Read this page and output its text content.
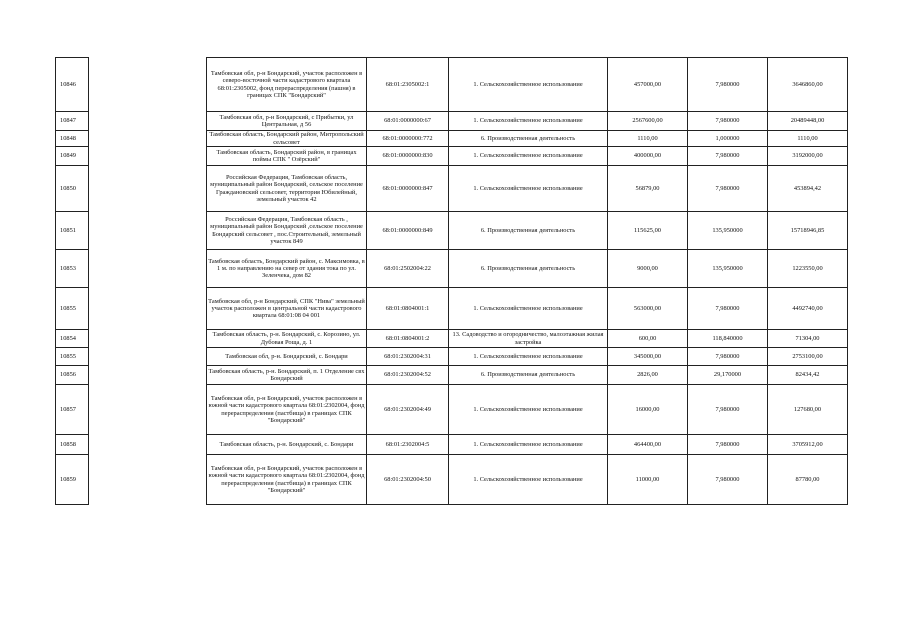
10846		Тамбовская обл, р-н Бондарский, участок расположен в северо-восточной части кадастрового квартала 68:01:2305002, фонд перераспределения (пашня) в границах СПК "Бондарский"	68:01:2305002:1	1. Сельскохозяйственное использование	457000,00	7,980000	3646860,00
10847		Тамбовская обл, р-н Бондарский, с Прибытки, ул Центральная, д 56	68:01:0000000:67	1. Сельскохозяйственное использование	2567600,00	7,980000	20489448,00
10848		Тамбовская область, Бондарский район, Митропольский сельсовет	68:01:0000000:772	6. Производственная деятельность	1110,00	1,000000	1110,00
10849		Тамбовская область, Бондарский район, в границах поймы СПК " Озёрский"	68:01:0000000:830	1. Сельскохозяйственное использование	400000,00	7,980000	3192000,00
10850		Российская Федерация, Тамбовская область, муниципальный район Бондарский, сельское поселение Граждановский сельсовет, территория Юбилейный, земельный участок 42	68:01:0000000:847	1. Сельскохозяйственное использование	56879,00	7,980000	453894,42
10851		Российская Федерация, Тамбовская область , муниципальный район Бондарский ,сельское поселение Бондарский сельсовет , пос.Строительный, земельный участок 849	68:01:0000000:849	6. Производственная деятельность	115625,00	135,950000	15718946,85
10853		Тамбовская область, Бондарский район, с. Максимовка, в 1 м. по направлению на север от здания тока по ул. Зеленчека, дом 82	68:01:2502004:22	6. Производственная деятельность	9000,00	135,950000	1223550,00
10855		Тамбовская обл, р-н Бондарский, СПК "Нива" земельный участок расположен в центральной части кадастрового квартала 68:01:08 04 001	68:01:0804001:1	1. Сельскохозяйственное использование	563000,00	7,980000	4492740,00
10854		Тамбовская область, р-н. Бондарский, с. Корозино, ул. Дубовая Роща, д. 1	68:01:0804001:2	13. Садоводство и огородничество, малоэтажная жилая застройка	600,00	118,840000	71304,00
10855		Тамбовская обл, р-н. Бондарский, с. Бондари	68:01:2302004:31	1. Сельскохозяйственное использование	345000,00	7,980000	2753100,00
10856		Тамбовская область, р-н. Бондарский, п. 1 Отделение свх Бондарский	68:01:2302004:52	6. Производственная деятельность	2826,00	29,170000	82434,42
10857		Тамбовская обл, р-н Бондарский, участок расположен в южной части кадастрового квартала 68:01:2302004, фонд перераспределения (пастбища) в границах СПК "Бондарский"	68:01:2302004:49	1. Сельскохозяйственное использование	16000,00	7,980000	127680,00
10858		Тамбовская область, р-н. Бондарский, с. Бондари	68:01:2302004:5	1. Сельскохозяйственное использование	464400,00	7,980000	3705912,00
10859		Тамбовская обл, р-н Бондарский, участок расположен в южной части кадастрового квартала 68:01:2302004, фонд перераспределения (пастбища) в границах СПК "Бондарский"	68:01:2302004:50	1. Сельскохозяйственное использование	11000,00	7,980000	87780,00
